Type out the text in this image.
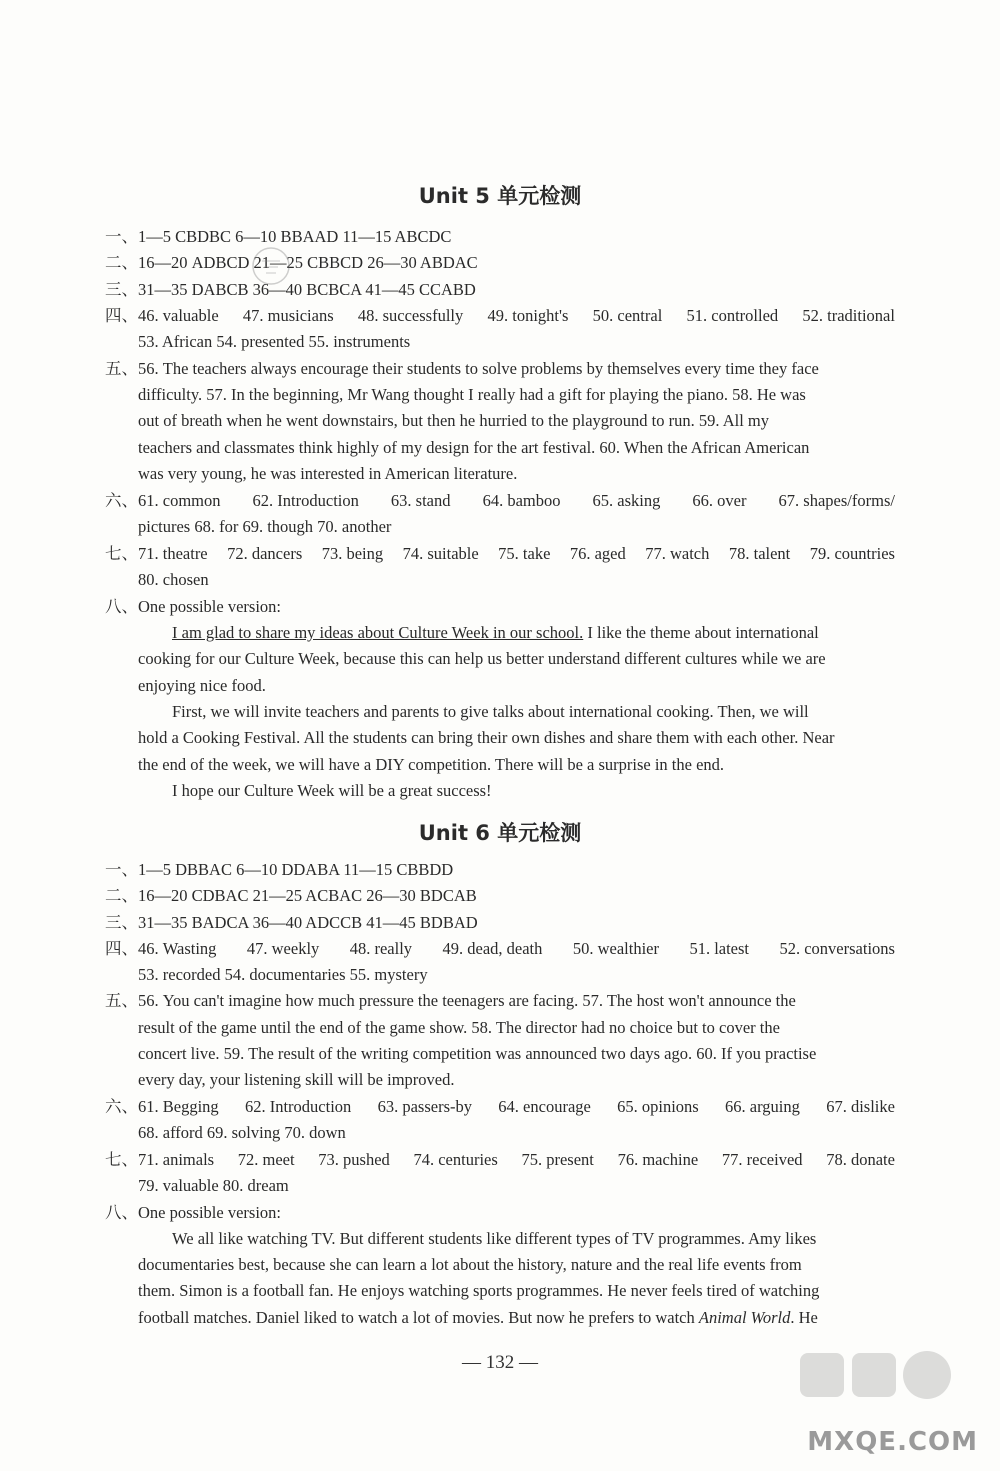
Unit 5 单元检测
一、1—5 CBDBC 6—10 BBAAD 11—15 ABCDC
二、16—20 ADBCD 21—25 CBBCD 26—30 ABDAC
三、31—35 DABCB 36—40 BCBCA 41—45 CCABD
四、46. valuable 47. musicians 48. successfully 49. tonight's 50. central 51. controlled 52. traditional
53. African 54. presented 55. instruments
五、56. The teachers always encourage their students to solve problems by themselves every time they face
difficulty. 57. In the beginning, Mr Wang thought I really had a gift for playing the piano. 58. He was
out of breath when he went downstairs, but then he hurried to the playground to run. 59. All my
teachers and classmates think highly of my design for the art festival. 60. When the African American
was very young, he was interested in American literature.
六、61. common 62. Introduction 63. stand 64. bamboo 65. asking 66. over 67. shapes/forms/
pictures 68. for 69. though 70. another
七、71. theatre 72. dancers 73. being 74. suitable 75. take 76. aged 77. watch 78. talent 79. countries
80. chosen
八、One possible version:
I am glad to share my ideas about Culture Week in our school. I like the theme about international
cooking for our Culture Week, because this can help us better understand different cultures while we are
enjoying nice food.
First, we will invite teachers and parents to give talks about international cooking. Then, we will
hold a Cooking Festival. All the students can bring their own dishes and share them with each other. Near
the end of the week, we will have a DIY competition. There will be a surprise in the end.
I hope our Culture Week will be a great success!
Unit 6 单元检测
一、1—5 DBBAC 6—10 DDABA 11—15 CBBDD
二、16—20 CDBAC 21—25 ACBAC 26—30 BDCAB
三、31—35 BADCA 36—40 ADCCB 41—45 BDBAD
四、46. Wasting 47. weekly 48. really 49. dead, death 50. wealthier 51. latest 52. conversations
53. recorded 54. documentaries 55. mystery
五、56. You can't imagine how much pressure the teenagers are facing. 57. The host won't announce the
result of the game until the end of the game show. 58. The director had no choice but to cover the
concert live. 59. The result of the writing competition was announced two days ago. 60. If you practise
every day, your listening skill will be improved.
六、61. Begging 62. Introduction 63. passers-by 64. encourage 65. opinions 66. arguing 67. dislike
68. afford 69. solving 70. down
七、71. animals 72. meet 73. pushed 74. centuries 75. present 76. machine 77. received 78. donate
79. valuable 80. dream
八、One possible version:
We all like watching TV. But different students like different types of TV programmes. Amy likes
documentaries best, because she can learn a lot about the history, nature and the real life events from
them. Simon is a football fan. He enjoys watching sports programmes. He never feels tired of watching
football matches. Daniel liked to watch a lot of movies. But now he prefers to watch Animal World. He
— 132 —
MXQE.COM
